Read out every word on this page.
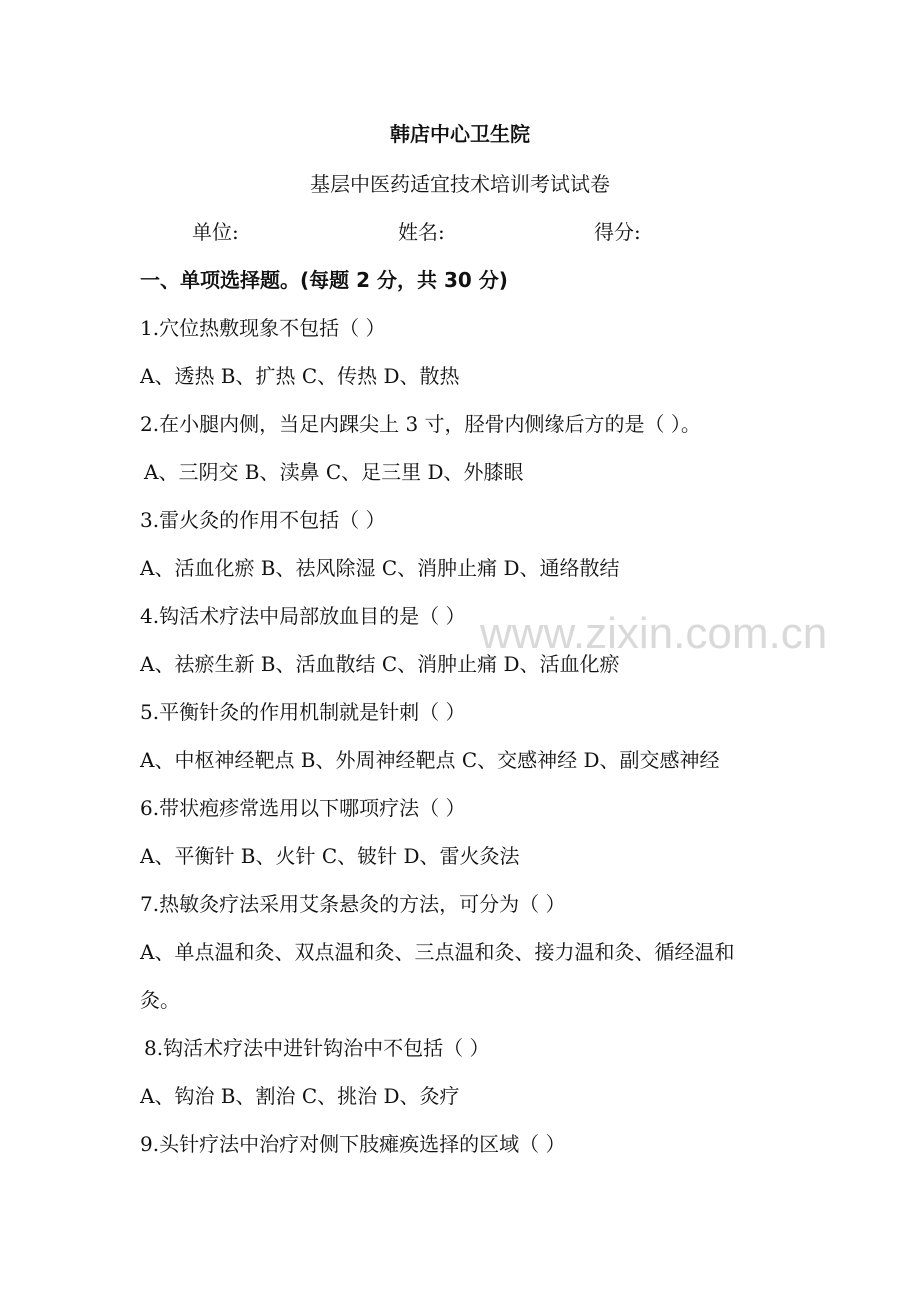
韩店中心卫生院
基层中医药适宜技术培训考试试卷
单位:	姓名:	得分:
一、单项选择题。(每题 2 分，共 30 分)
1.穴位热敷现象不包括（ ）
A、透热 B、扩热 C、传热 D、散热
2.在小腿内侧，当足内踝尖上 3 寸，胫骨内侧缘后方的是（ ）。
A、三阴交 B、渎鼻 C、足三里 D、外膝眼
3.雷火灸的作用不包括（ ）
A、活血化瘀 B、祛风除湿 C、消肿止痛 D、通络散结
4.钩活术疗法中局部放血目的是（ ）
A、祛瘀生新 B、活血散结 C、消肿止痛 D、活血化瘀
5.平衡针灸的作用机制就是针刺（ ）
A、中枢神经靶点 B、外周神经靶点 C、交感神经 D、副交感神经
6.带状疱疹常选用以下哪项疗法（ ）
A、平衡针 B、火针 C、铍针 D、雷火灸法
7.热敏灸疗法采用艾条悬灸的方法，可分为（ ）
A、单点温和灸、双点温和灸、三点温和灸、接力温和灸、循经温和
灸。
8.钩活术疗法中进针钩治中不包括（ ）
A、钩治 B、割治 C、挑治 D、灸疗
9.头针疗法中治疗对侧下肢瘫痪选择的区域（ ）
www.zixin.com.cn
